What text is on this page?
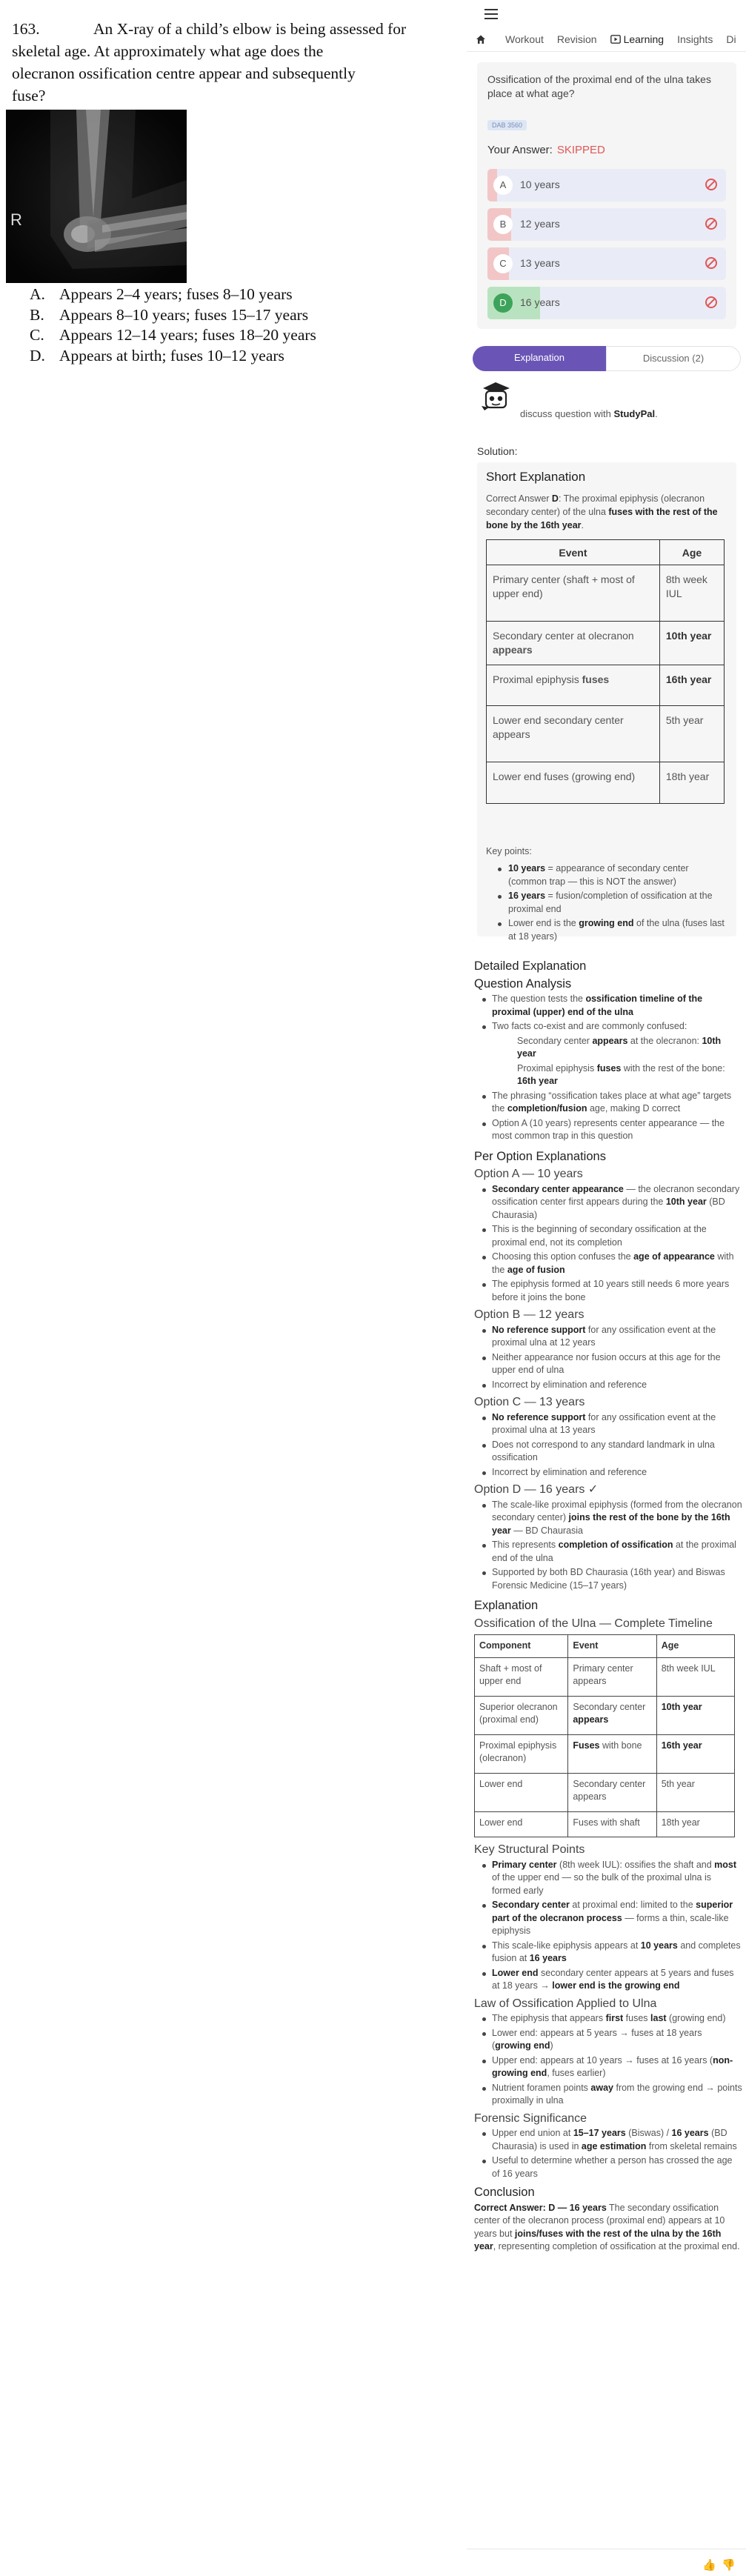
163.	An X-ray of a child’s elbow is being assessed for
skeletal age. At approximately what age does the
olecranon ossification centre appear and subsequently
fuse?
R
A. Appears 2–4 years; fuses 8–10 years
B. Appears 8–10 years; fuses 15–17 years
C. Appears 12–14 years; fuses 18–20 years
D. Appears at birth; fuses 10–12 years
Workout Revision	Learning Insights Di
Ossification of the proximal end of the ulna takes place at what age?
DAB 3560
Your Answer: SKIPPED
A	10 years
B	12 years
C	13 years
D	16 years
Explanation	Discussion (2)
discuss question with StudyPal.
Solution:
Short Explanation
Correct Answer D: The proximal epiphysis (olecranon secondary center) of the ulna fuses with the rest of the bone by the 16th year.
Event	Age
Primary center (shaft + most of upper end)	8th week IUL
Secondary center at olecranon appears	10th year
Proximal epiphysis fuses	16th year
Lower end secondary center appears	5th year
Lower end fuses (growing end)	18th year
Key points:
10 years = appearance of secondary center (common trap — this is NOT the answer)
16 years = fusion/completion of ossification at the proximal end
Lower end is the growing end of the ulna (fuses last at 18 years)
Detailed Explanation
Question Analysis
The question tests the ossification timeline of the proximal (upper) end of the ulna
Two facts co-exist and are commonly confused:
Secondary center appears at the olecranon: 10th year
Proximal epiphysis fuses with the rest of the bone: 16th year
The phrasing “ossification takes place at what age” targets the completion/fusion age, making D correct
Option A (10 years) represents center appearance — the most common trap in this question
Per Option Explanations
Option A — 10 years
Secondary center appearance — the olecranon secondary ossification center first appears during the 10th year (BD Chaurasia)
This is the beginning of secondary ossification at the proximal end, not its completion
Choosing this option confuses the age of appearance with the age of fusion
The epiphysis formed at 10 years still needs 6 more years before it joins the bone
Option B — 12 years
No reference support for any ossification event at the proximal ulna at 12 years
Neither appearance nor fusion occurs at this age for the upper end of ulna
Incorrect by elimination and reference
Option C — 13 years
No reference support for any ossification event at the proximal ulna at 13 years
Does not correspond to any standard landmark in ulna ossification
Incorrect by elimination and reference
Option D — 16 years ✓
The scale-like proximal epiphysis (formed from the olecranon secondary center) joins the rest of the bone by the 16th year — BD Chaurasia
This represents completion of ossification at the proximal end of the ulna
Supported by both BD Chaurasia (16th year) and Biswas Forensic Medicine (15–17 years)
Explanation
Ossification of the Ulna — Complete Timeline
Component	Event	Age
Shaft + most of upper end	Primary center appears	8th week IUL
Superior olecranon (proximal end)	Secondary center appears	10th year
Proximal epiphysis (olecranon)	Fuses with bone	16th year
Lower end	Secondary center appears	5th year
Lower end	Fuses with shaft	18th year
Key Structural Points
Primary center (8th week IUL): ossifies the shaft and most of the upper end — so the bulk of the proximal ulna is formed early
Secondary center at proximal end: limited to the superior part of the olecranon process — forms a thin, scale-like epiphysis
This scale-like epiphysis appears at 10 years and completes fusion at 16 years
Lower end secondary center appears at 5 years and fuses at 18 years → lower end is the growing end
Law of Ossification Applied to Ulna
The epiphysis that appears first fuses last (growing end)
Lower end: appears at 5 years → fuses at 18 years (growing end)
Upper end: appears at 10 years → fuses at 16 years (non-growing end, fuses earlier)
Nutrient foramen points away from the growing end → points proximally in ulna
Forensic Significance
Upper end union at 15–17 years (Biswas) / 16 years (BD Chaurasia) is used in age estimation from skeletal remains
Useful to determine whether a person has crossed the age of 16 years
Conclusion

Correct Answer: D — 16 years The secondary ossification center of the olecranon process (proximal end) appears at 10 years but joins/fuses with the rest of the ulna by the 16th year, representing completion of ossification at the proximal end.

👍 👎
